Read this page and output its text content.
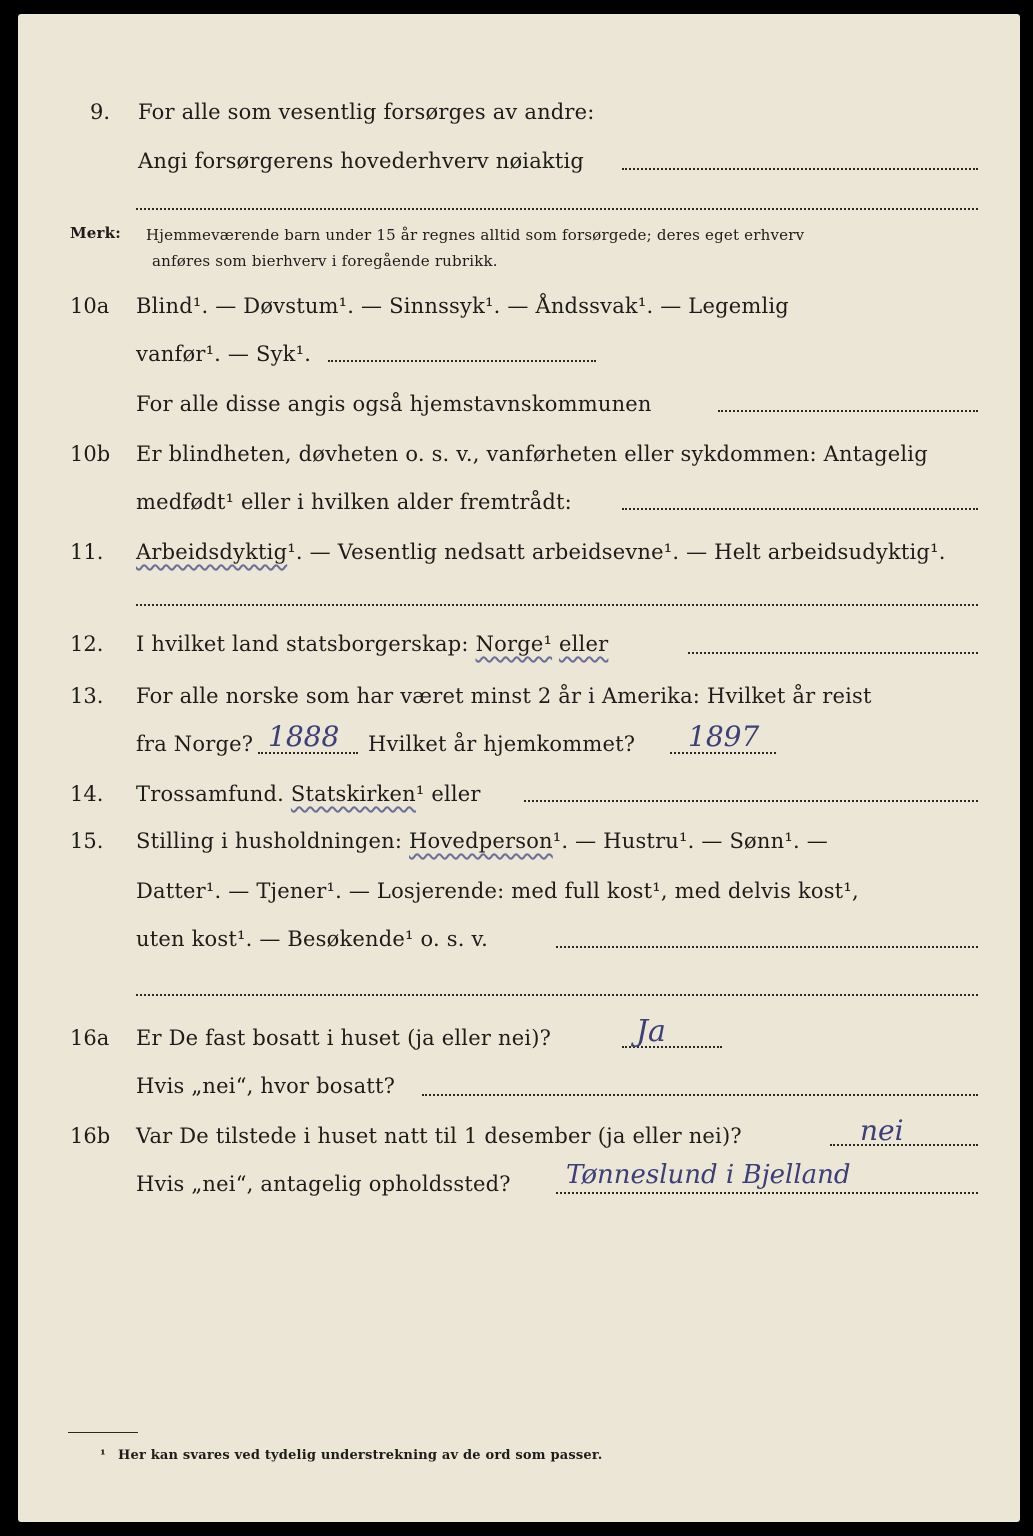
9. For alle som vesentlig forsørges av andre:
Angi forsørgerens hovederhverv nøiaktig
Merk: Hjemmeværende barn under 15 år regnes alltid som forsørgede; deres eget erhverv
anføres som bierhverv i foregående rubrikk.
10a Blind¹. — Døvstum¹. — Sinnssyk¹. — Åndssvak¹. — Legemlig
vanfør¹. — Syk¹.
For alle disse angis også hjemstavnskommunen
10b Er blindheten, døvheten o. s. v., vanførheten eller sykdommen: Antagelig
medfødt¹ eller i hvilken alder fremtrådt:
11. Arbeidsdyktig¹. — Vesentlig nedsatt arbeidsevne¹. — Helt arbeidsudyktig¹.
12. I hvilket land statsborgerskap: Norge¹ eller
13. For alle norske som har været minst 2 år i Amerika: Hvilket år reist
fra Norge? 1888 Hvilket år hjemkommet? 1897
14. Trossamfund. Statskirken¹ eller
15. Stilling i husholdningen: Hovedperson¹. — Hustru¹. — Sønn¹. —
Datter¹. — Tjener¹. — Losjerende: med full kost¹, med delvis kost¹,
uten kost¹. — Besøkende¹ o. s. v.
16a Er De fast bosatt i huset (ja eller nei)?	Ja
Hvis „nei“, hvor bosatt?
16b Var De tilstede i huset natt til 1 desember (ja eller nei)?	nei
Hvis „nei“, antagelig opholdssted? Tønneslund i Bjelland
¹ Her kan svares ved tydelig understrekning av de ord som passer.
